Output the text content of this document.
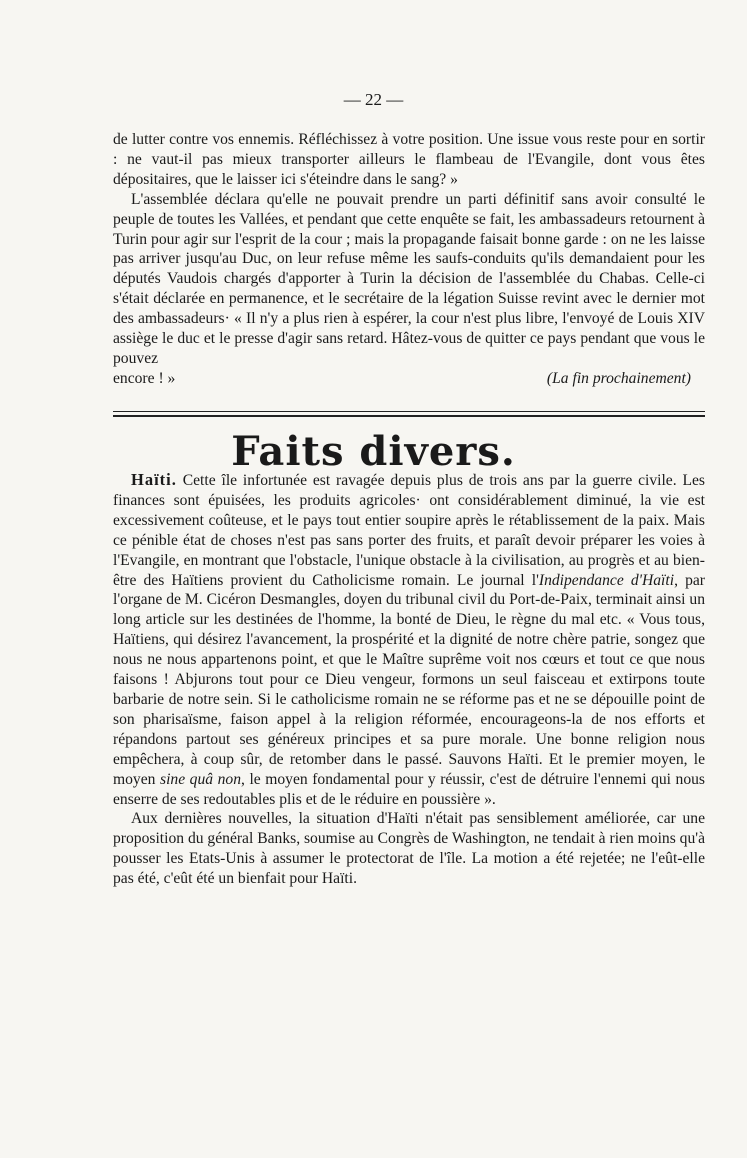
— 22 —

de lutter contre vos ennemis. Réfléchissez à votre position. Une issue vous reste pour en sortir : ne vaut-il pas mieux transporter ailleurs le flambeau de l'Evangile, dont vous êtes dépositaires, que le laisser ici s'éteindre dans le sang? »

L'assemblée déclara qu'elle ne pouvait prendre un parti définitif sans avoir consulté le peuple de toutes les Vallées, et pendant que cette enquête se fait, les ambassadeurs retournent à Turin pour agir sur l'esprit de la cour ; mais la propagande faisait bonne garde : on ne les laisse pas arriver jusqu'au Duc, on leur refuse même les saufs-conduits qu'ils demandaient pour les députés Vaudois chargés d'apporter à Turin la décision de l'assemblée du Chabas. Celle-ci s'était déclarée en permanence, et le secrétaire de la légation Suisse revint avec le dernier mot des ambassadeurs· « Il n'y a plus rien à espérer, la cour n'est plus libre, l'envoyé de Louis XIV assiège le duc et le presse d'agir sans retard. Hâtez-vous de quitter ce pays pendant que vous le pouvez

encore ! »	(La fin prochainement)

Faits divers.

Haïti. Cette île infortunée est ravagée depuis plus de trois ans par la guerre civile. Les finances sont épuisées, les produits agricoles· ont considérablement diminué, la vie est excessivement coûteuse, et le pays tout entier soupire après le rétablissement de la paix. Mais ce pénible état de choses n'est pas sans porter des fruits, et paraît devoir préparer les voies à l'Evangile, en montrant que l'obstacle, l'unique obstacle à la civilisation, au progrès et au bien-être des Haïtiens provient du Catholicisme romain. Le journal l'Indipendance d'Haïti, par l'organe de M. Cicéron Desmangles, doyen du tribunal civil du Port-de-Paix, terminait ainsi un long article sur les destinées de l'homme, la bonté de Dieu, le règne du mal etc. « Vous tous, Haïtiens, qui désirez l'avancement, la prospérité et la dignité de notre chère patrie, songez que nous ne nous appartenons point, et que le Maître suprême voit nos cœurs et tout ce que nous faisons ! Abjurons tout pour ce Dieu vengeur, formons un seul faisceau et extirpons toute barbarie de notre sein. Si le catholicisme romain ne se réforme pas et ne se dépouille point de son pharisaïsme, faison appel à la religion réformée, encourageons-la de nos efforts et répandons partout ses généreux principes et sa pure morale. Une bonne religion nous empêchera, à coup sûr, de retomber dans le passé. Sauvons Haïti. Et le premier moyen, le moyen sine quâ non, le moyen fondamental pour y réussir, c'est de détruire l'ennemi qui nous enserre de ses redoutables plis et de le réduire en poussière ».

Aux dernières nouvelles, la situation d'Haïti n'était pas sensiblement améliorée, car une proposition du général Banks, soumise au Congrès de Washington, ne tendait à rien moins qu'à pousser les Etats-Unis à assumer le protectorat de l'île. La motion a été rejetée; ne l'eût-elle pas été, c'eût été un bienfait pour Haïti.
